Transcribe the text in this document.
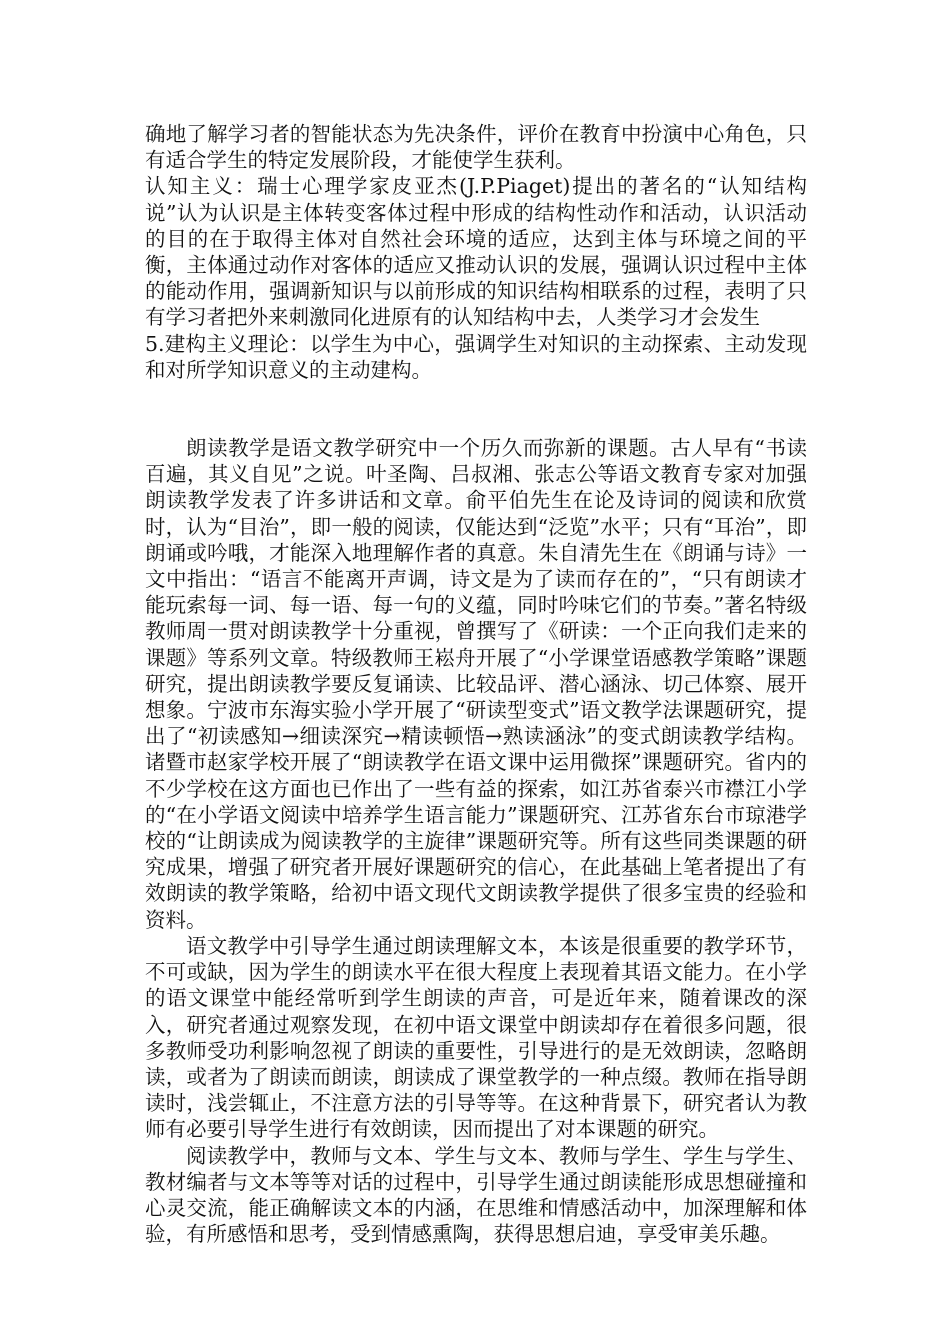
确地了解学习者的智能状态为先决条件，评价在教育中扮演中心角色，只有适合学生的特定发展阶段，才能使学生获利。

认知主义：瑞士心理学家皮亚杰(J.P.Piaget)提出的著名的“认知结构说”认为认识是主体转变客体过程中形成的结构性动作和活动，认识活动的目的在于取得主体对自然社会环境的适应，达到主体与环境之间的平衡，主体通过动作对客体的适应又推动认识的发展，强调认识过程中主体的能动作用，强调新知识与以前形成的知识结构相联系的过程，表明了只有学习者把外来刺激同化进原有的认知结构中去，人类学习才会发生

5.建构主义理论：以学生为中心，强调学生对知识的主动探索、主动发现和对所学知识意义的主动建构。

朗读教学是语文教学研究中一个历久而弥新的课题。古人早有“书读百遍，其义自见”之说。叶圣陶、吕叔湘、张志公等语文教育专家对加强朗读教学发表了许多讲话和文章。俞平伯先生在论及诗词的阅读和欣赏时，认为“目治”，即一般的阅读，仅能达到“泛览”水平；只有“耳治”，即朗诵或吟哦，才能深入地理解作者的真意。朱自清先生在《朗诵与诗》一文中指出：“语言不能离开声调，诗文是为了读而存在的”，“只有朗读才能玩索每一词、每一语、每一句的义蕴，同时吟味它们的节奏。”著名特级教师周一贯对朗读教学十分重视，曾撰写了《研读：一个正向我们走来的课题》等系列文章。特级教师王崧舟开展了“小学课堂语感教学策略”课题研究，提出朗读教学要反复诵读、比较品评、潜心涵泳、切己体察、展开想象。宁波市东海实验小学开展了“研读型变式”语文教学法课题研究，提出了“初读感知→细读深究→精读顿悟→熟读涵泳”的变式朗读教学结构。诸暨市赵家学校开展了“朗读教学在语文课中运用微探”课题研究。省内的不少学校在这方面也已作出了一些有益的探索，如江苏省泰兴市襟江小学的“在小学语文阅读中培养学生语言能力”课题研究、江苏省东台市琼港学校的“让朗读成为阅读教学的主旋律”课题研究等。所有这些同类课题的研究成果，增强了研究者开展好课题研究的信心，在此基础上笔者提出了有效朗读的教学策略，给初中语文现代文朗读教学提供了很多宝贵的经验和资料。

语文教学中引导学生通过朗读理解文本，本该是很重要的教学环节，不可或缺，因为学生的朗读水平在很大程度上表现着其语文能力。在小学的语文课堂中能经常听到学生朗读的声音，可是近年来，随着课改的深入，研究者通过观察发现，在初中语文课堂中朗读却存在着很多问题，很多教师受功利影响忽视了朗读的重要性，引导进行的是无效朗读，忽略朗读，或者为了朗读而朗读，朗读成了课堂教学的一种点缀。教师在指导朗读时，浅尝辄止，不注意方法的引导等等。在这种背景下，研究者认为教师有必要引导学生进行有效朗读，因而提出了对本课题的研究。

阅读教学中，教师与文本、学生与文本、教师与学生、学生与学生、教材编者与文本等等对话的过程中，引导学生通过朗读能形成思想碰撞和心灵交流，能正确解读文本的内涵，在思维和情感活动中，加深理解和体验，有所感悟和思考，受到情感熏陶，获得思想启迪，享受审美乐趣。
